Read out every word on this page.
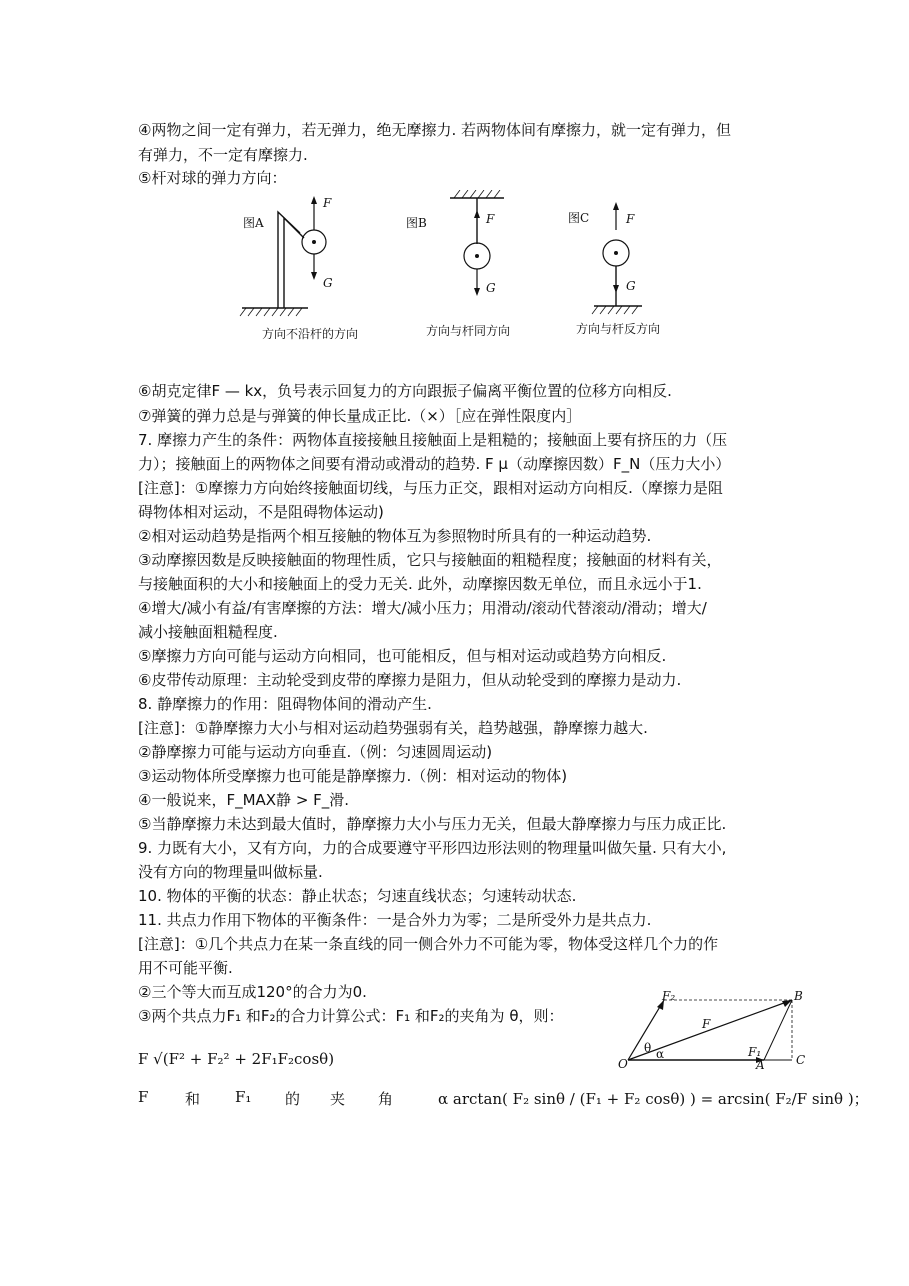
④两物之间一定有弹力，若无弹力，绝无摩擦力. 若两物体间有摩擦力，就一定有弹力，但
有弹力，不一定有摩擦力.
⑤杆对球的弹力方向：
图A
F
G
方向不沿杆的方向
图B	F
G
方向与杆同方向
图C	F
G
方向与杆反方向
⑥胡克定律F — kx，负号表示回复力的方向跟振子偏离平衡位置的位移方向相反.
⑦弹簧的弹力总是与弹簧的伸长量成正比.（×）［应在弹性限度内］
7. 摩擦力产生的条件：两物体直接接触且接触面上是粗糙的；接触面上要有挤压的力（压
力）；接触面上的两物体之间要有滑动或滑动的趋势. F μ（动摩擦因数）F_N（压力大小）
[注意]：①摩擦力方向始终接触面切线，与压力正交，跟相对运动方向相反.（摩擦力是阻
碍物体相对运动，不是阻碍物体运动)
②相对运动趋势是指两个相互接触的物体互为参照物时所具有的一种运动趋势.
③动摩擦因数是反映接触面的物理性质，它只与接触面的粗糙程度；接触面的材料有关，
与接触面积的大小和接触面上的受力无关. 此外，动摩擦因数无单位，而且永远小于1.
④增大/减小有益/有害摩擦的方法：增大/减小压力；用滑动/滚动代替滚动/滑动；增大/
减小接触面粗糙程度.
⑤摩擦力方向可能与运动方向相同，也可能相反，但与相对运动或趋势方向相反.
⑥皮带传动原理：主动轮受到皮带的摩擦力是阻力，但从动轮受到的摩擦力是动力.
8. 静摩擦力的作用：阻碍物体间的滑动产生.
[注意]：①静摩擦力大小与相对运动趋势强弱有关，趋势越强，静摩擦力越大.
②静摩擦力可能与运动方向垂直.（例：匀速圆周运动)
③运动物体所受摩擦力也可能是静摩擦力.（例：相对运动的物体)
④一般说来，F_MAX静 > F_滑.
⑤当静摩擦力未达到最大值时，静摩擦力大小与压力无关，但最大静摩擦力与压力成正比.
9. 力既有大小，又有方向，力的合成要遵守平形四边形法则的物理量叫做矢量. 只有大小,
没有方向的物理量叫做标量.
10. 物体的平衡的状态：静止状态；匀速直线状态；匀速转动状态.
11. 共点力作用下物体的平衡条件：一是合外力为零；二是所受外力是共点力.
[注意]：①几个共点力在某一条直线的同一侧合外力不可能为零，物体受这样几个力的作
用不可能平衡.
②三个等大而互成120°的合力为0.
③两个共点力F₁ 和F₂的合力计算公式：F₁ 和F₂的夹角为 θ，则：
O	A
B
C
F₂
F
F₁
θ α
F √(F² + F₂² + 2F₁F₂cosθ)
F 和 F₁ 的 夹 角	α arctan( F₂ sinθ / (F₁ + F₂ cosθ) ) = arcsin( F₂/F sinθ )；
